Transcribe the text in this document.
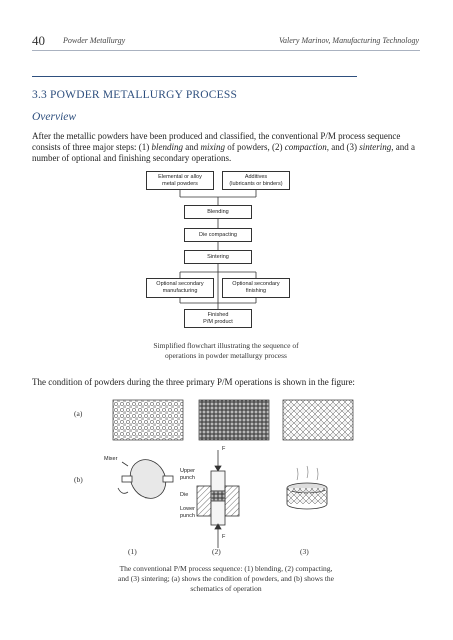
40 Powder Metallurgy	Valery Marinov, Manufacturing Technology
3.3 POWDER METALLURGY PROCESS
Overview
After the metallic powders have been produced and classified, the conventional P/M process sequence consists of three major steps: (1) blending and mixing of powders, (2) compaction, and (3) sintering, and a number of optional and finishing secondary operations.
Elemental or alloy
metal powders
Additives
(lubricants or binders)
Blending
Die compacting
Sintering
Optional secondary
manufacturing
Optional secondary
finishing
Finished
P/M product
Simplified flowchart illustrating the sequence of
operations in powder metallurgy process
The condition of powders during the three primary P/M operations is shown in the figure:
(a)
(b)
Mixer
F
Upper
punch
Die
Lower
punch
F
(1)	(2)	(3)
The conventional P/M process sequence: (1) blending, (2) compacting,
and (3) sintering; (a) shows the condition of powders, and (b) shows the
schematics of operation
